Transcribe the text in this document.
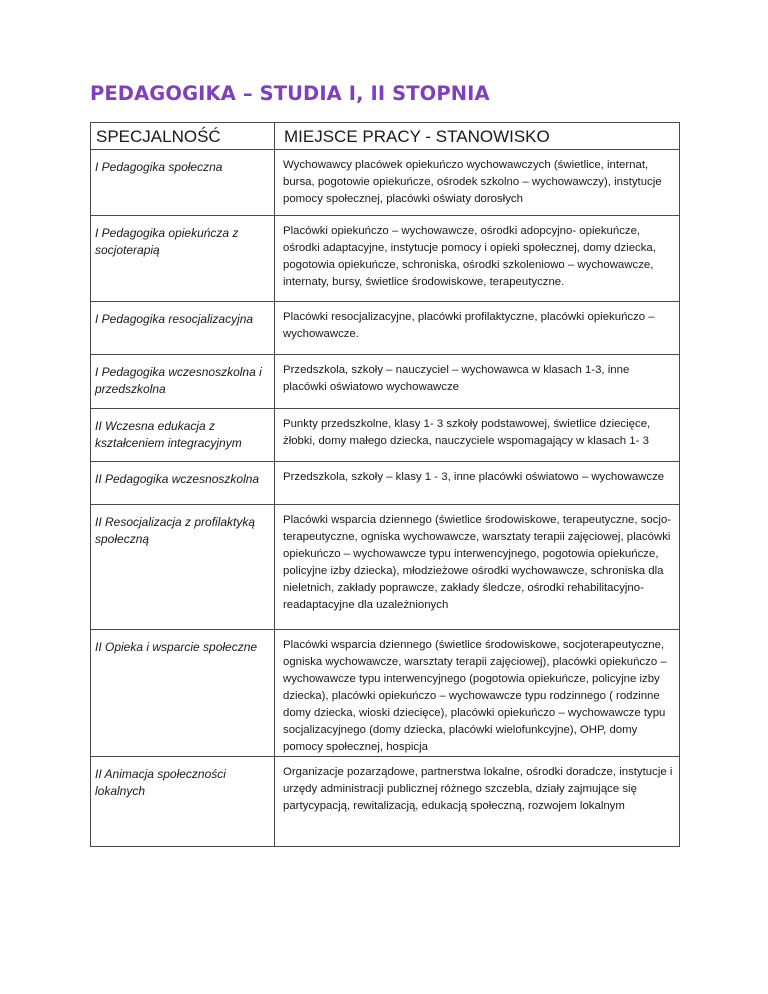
PEDAGOGIKA – STUDIA I, II STOPNIA
SPECJALNOŚĆ	MIEJSCE PRACY - STANOWISKO

I Pedagogika społeczna	Wychowawcy placówek opiekuńczo wychowawczych (świetlice, internat, bursa, pogotowie opiekuńcze, ośrodek szkolno – wychowawczy), instytucje pomocy społecznej, placówki oświaty dorosłych

I Pedagogika opiekuńcza z socjoterapią	Placówki opiekuńczo – wychowawcze, ośrodki adopcyjno- opiekuńcze, ośrodki adaptacyjne, instytucje pomocy i opieki społecznej, domy dziecka, pogotowia opiekuńcze, schroniska, ośrodki szkoleniowo – wychowawcze, internaty, bursy, świetlice środowiskowe, terapeutyczne.

I Pedagogika resocjalizacyjna	Placówki resocjalizacyjne, placówki profilaktyczne, placówki opiekuńczo – wychowawcze.

I Pedagogika wczesnoszkolna i przedszkolna	Przedszkola, szkoły – nauczyciel – wychowawca w klasach 1-3, inne placówki oświatowo wychowawcze

II Wczesna edukacja z kształceniem integracyjnym	Punkty przedszkolne, klasy 1- 3 szkoły podstawowej, świetlice dziecięce, żłobki, domy małego dziecka, nauczyciele wspomagający w klasach 1- 3

II Pedagogika wczesnoszkolna	Przedszkola, szkoły – klasy 1 - 3, inne placówki oświatowo – wychowawcze

II Resocjalizacja z profilaktyką społeczną	Placówki wsparcia dziennego (świetlice środowiskowe, terapeutyczne, socjo-terapeutyczne, ogniska wychowawcze, warsztaty terapii zajęciowej, placówki opiekuńczo – wychowawcze typu interwencyjnego, pogotowia opiekuńcze, policyjne izby dziecka), młodzieżowe ośrodki wychowawcze, schroniska dla nieletnich, zakłady poprawcze, zakłady śledcze, ośrodki rehabilitacyjno- readaptacyjne dla uzależnionych

II Opieka i wsparcie społeczne	Placówki wsparcia dziennego (świetlice środowiskowe, socjoterapeutyczne, ogniska wychowawcze, warsztaty terapii zajęciowej), placówki opiekuńczo – wychowawcze typu interwencyjnego (pogotowia opiekuńcze, policyjne izby dziecka), placówki opiekuńczo – wychowawcze typu rodzinnego ( rodzinne domy dziecka, wioski dziecięce), placówki opiekuńczo – wychowawcze typu socjalizacyjnego (domy dziecka, placówki wielofunkcyjne), OHP, domy pomocy społecznej, hospicja

II Animacja społeczności lokalnych	Organizacje pozarządowe, partnerstwa lokalne, ośrodki doradcze, instytucje i urzędy administracji publicznej różnego szczebla, działy zajmujące się partycypacją, rewitalizacją, edukacją społeczną, rozwojem lokalnym
